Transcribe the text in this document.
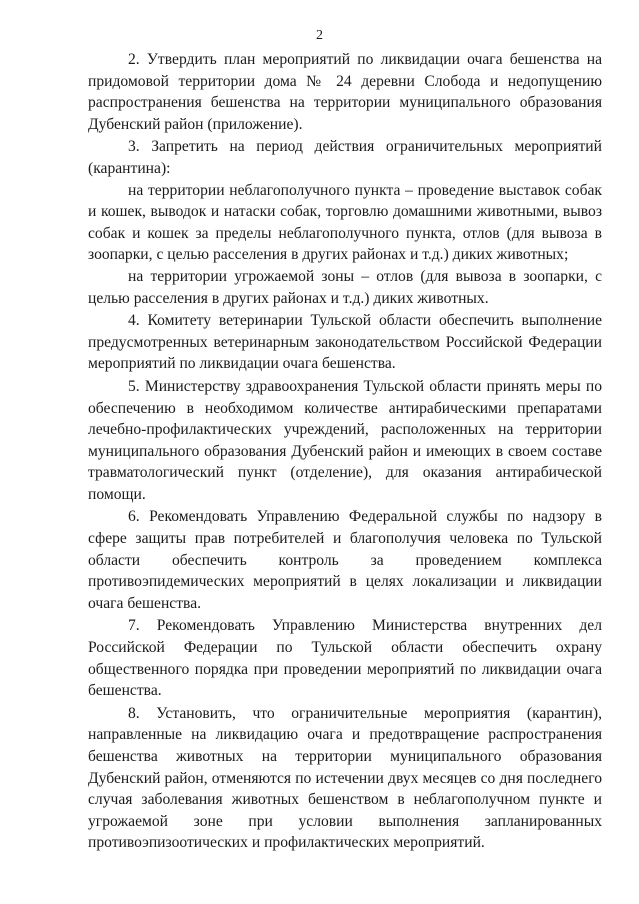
2

2. Утвердить план мероприятий по ликвидации очага бешенства на придомовой территории дома № 24 деревни Слобода и недопущению распространения бешенства на территории муниципального образования Дубенский район (приложение).

3. Запретить на период действия ограничительных мероприятий (карантина):

на территории неблагополучного пункта – проведение выставок собак и кошек, выводок и натаски собак, торговлю домашними животными, вывоз собак и кошек за пределы неблагополучного пункта, отлов (для вывоза в зоопарки, с целью расселения в других районах и т.д.) диких животных;

на территории угрожаемой зоны – отлов (для вывоза в зоопарки, с целью расселения в других районах и т.д.) диких животных.

4. Комитету ветеринарии Тульской области обеспечить выполнение предусмотренных ветеринарным законодательством Российской Федерации мероприятий по ликвидации очага бешенства.

5. Министерству здравоохранения Тульской области принять меры по обеспечению в необходимом количестве антирабическими препаратами лечебно-профилактических учреждений, расположенных на территории муниципального образования Дубенский район и имеющих в своем составе травматологический пункт (отделение), для оказания антирабической помощи.

6. Рекомендовать Управлению Федеральной службы по надзору в сфере защиты прав потребителей и благополучия человека по Тульской области обеспечить контроль за проведением комплекса противоэпидемических мероприятий в целях локализации и ликвидации очага бешенства.

7. Рекомендовать Управлению Министерства внутренних дел Российской Федерации по Тульской области обеспечить охрану общественного порядка при проведении мероприятий по ликвидации очага бешенства.

8. Установить, что ограничительные мероприятия (карантин), направленные на ликвидацию очага и предотвращение распространения бешенства животных на территории муниципального образования Дубенский район, отменяются по истечении двух месяцев со дня последнего случая заболевания животных бешенством в неблагополучном пункте и угрожаемой зоне при условии выполнения запланированных противоэпизоотических и профилактических мероприятий.
